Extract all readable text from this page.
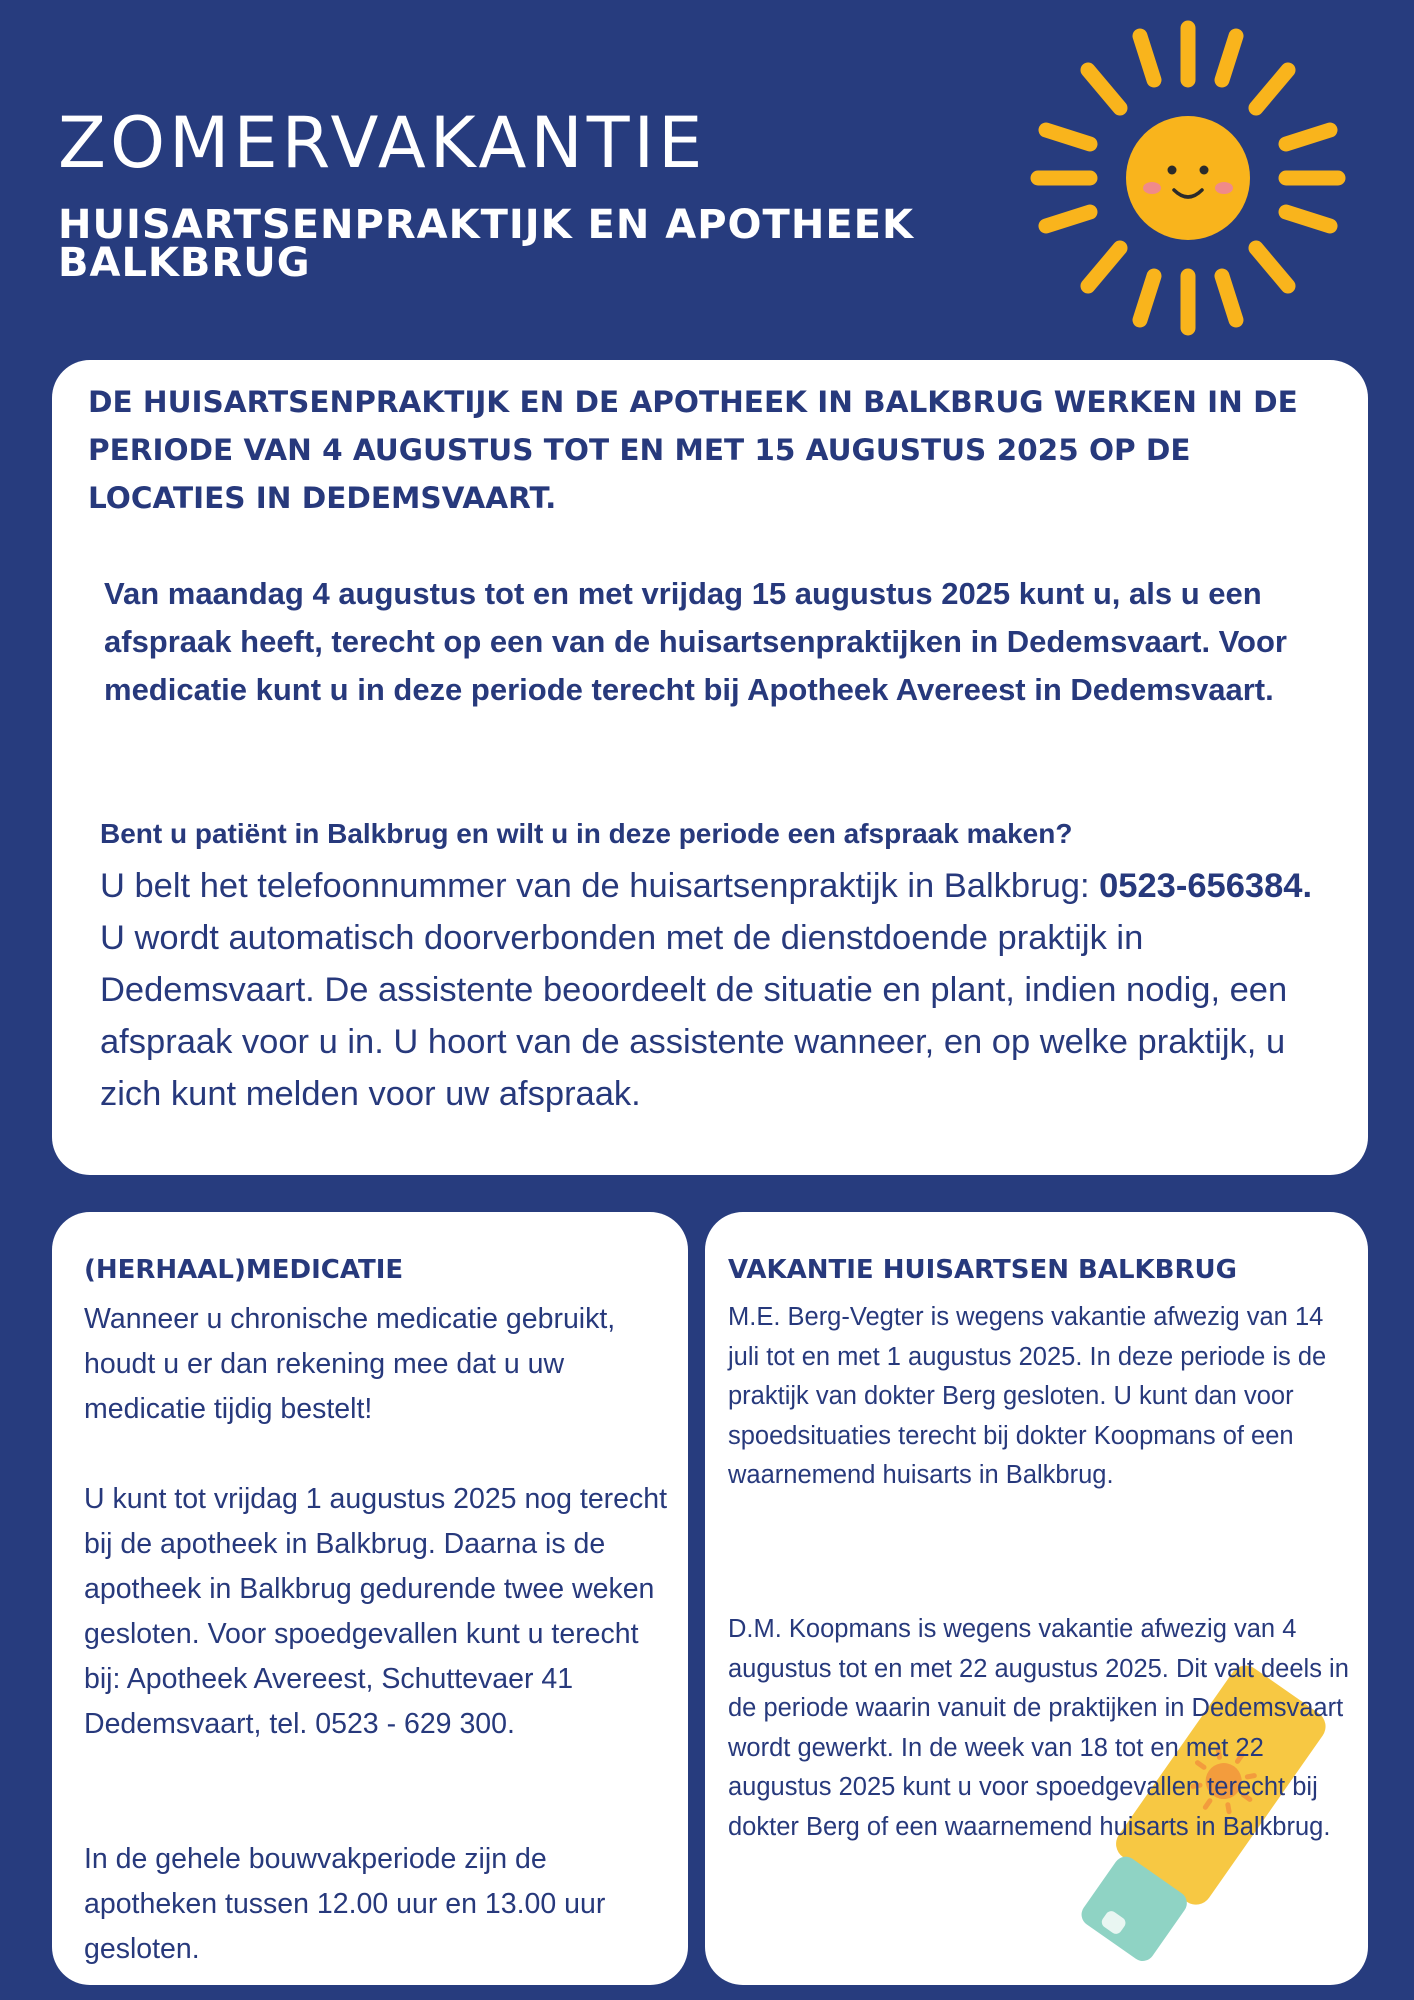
ZOMERVAKANTIE
HUISARTSENPRAKTIJK EN APOTHEEK BALKBRUG
DE HUISARTSENPRAKTIJK EN DE APOTHEEK IN BALKBRUG WERKEN IN DE PERIODE VAN 4 AUGUSTUS TOT EN MET 15 AUGUSTUS 2025 OP DE LOCATIES IN DEDEMSVAART.

Van maandag 4 augustus tot en met vrijdag 15 augustus 2025 kunt u, als u een afspraak heeft, terecht op een van de huisartsenpraktijken in Dedemsvaart. Voor medicatie kunt u in deze periode terecht bij Apotheek Avereest in Dedemsvaart.

Bent u patiënt in Balkbrug en wilt u in deze periode een afspraak maken?

U belt het telefoonnummer van de huisartsenpraktijk in Balkbrug: 0523-656384. U wordt automatisch doorverbonden met de dienstdoende praktijk in Dedemsvaart. De assistente beoordeelt de situatie en plant, indien nodig, een afspraak voor u in. U hoort van de assistente wanneer, en op welke praktijk, u zich kunt melden voor uw afspraak.

(HERHAAL)MEDICATIE

Wanneer u chronische medicatie gebruikt, houdt u er dan rekening mee dat u uw medicatie tijdig bestelt!

U kunt tot vrijdag 1 augustus 2025 nog terecht bij de apotheek in Balkbrug. Daarna is de apotheek in Balkbrug gedurende twee weken gesloten. Voor spoedgevallen kunt u terecht bij: Apotheek Avereest, Schuttevaer 41 Dedemsvaart, tel. 0523 - 629 300.

In de gehele bouwvakperiode zijn de apotheken tussen 12.00 uur en 13.00 uur gesloten.

VAKANTIE HUISARTSEN BALKBRUG

M.E. Berg-Vegter is wegens vakantie afwezig van 14 juli tot en met 1 augustus 2025. In deze periode is de praktijk van dokter Berg gesloten. U kunt dan voor spoedsituaties terecht bij dokter Koopmans of een waarnemend huisarts in Balkbrug.

D.M. Koopmans is wegens vakantie afwezig van 4 augustus tot en met 22 augustus 2025. Dit valt deels in de periode waarin vanuit de praktijken in Dedemsvaart wordt gewerkt. In de week van 18 tot en met 22 augustus 2025 kunt u voor spoedgevallen terecht bij dokter Berg of een waarnemend huisarts in Balkbrug.
